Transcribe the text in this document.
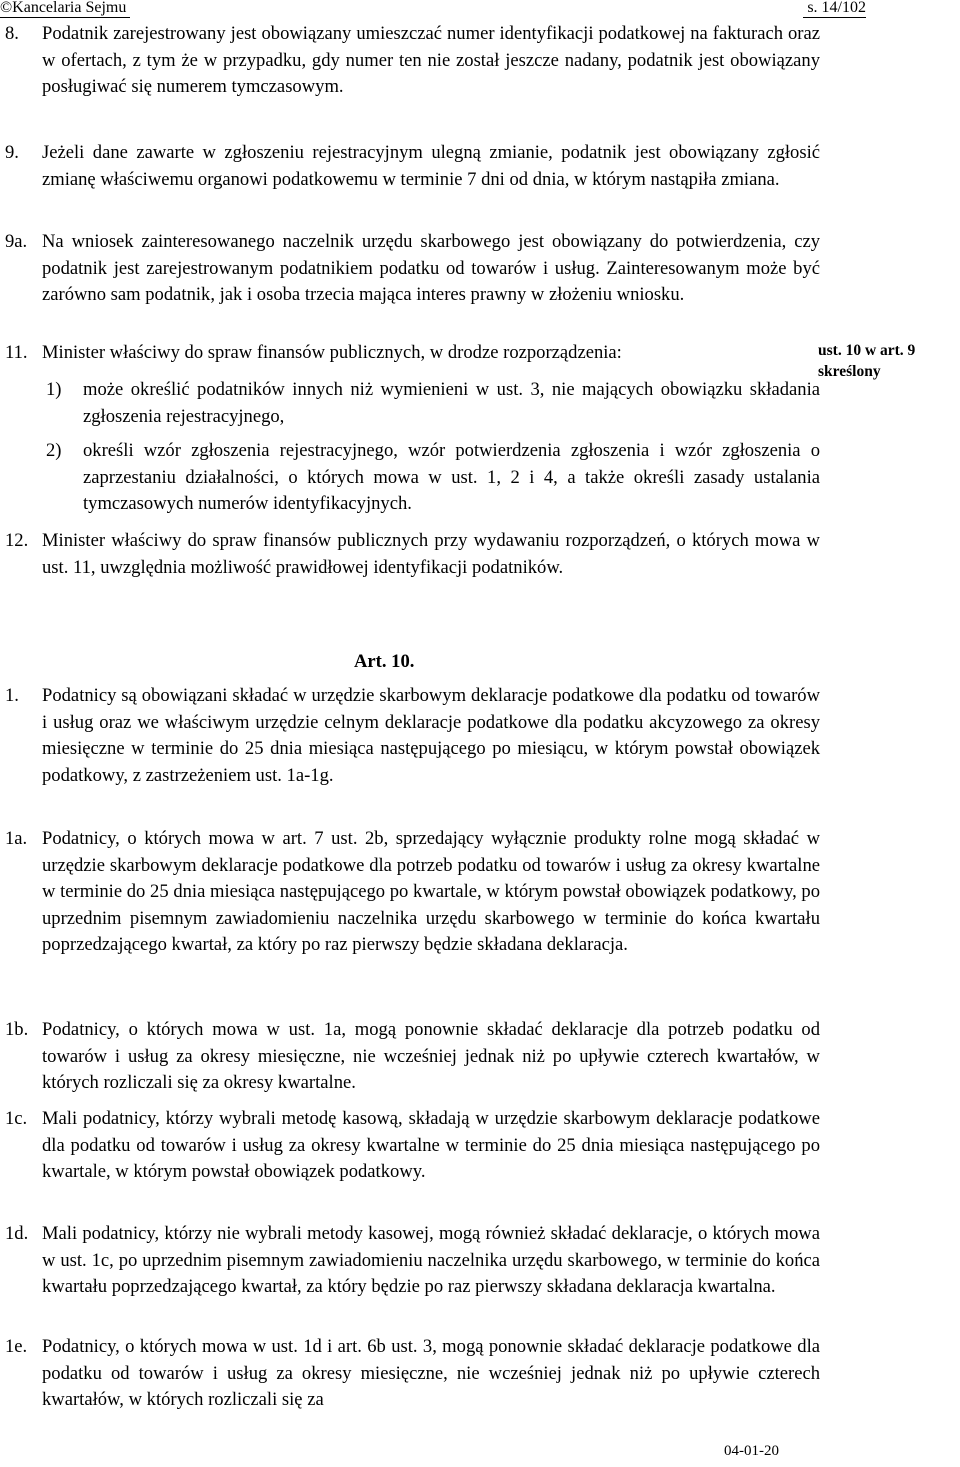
©Kancelaria Sejmu	s. 14/102

8. Podatnik zarejestrowany jest obowiązany umieszczać numer identyfikacji podatkowej na fakturach oraz w ofertach, z tym że w przypadku, gdy numer ten nie został jeszcze nadany, podatnik jest obowiązany posługiwać się numerem tymczasowym.

9. Jeżeli dane zawarte w zgłoszeniu rejestracyjnym ulegną zmianie, podatnik jest obowiązany zgłosić zmianę właściwemu organowi podatkowemu w terminie 7 dni od dnia, w którym nastąpiła zmiana.

9a. Na wniosek zainteresowanego naczelnik urzędu skarbowego jest obowiązany do potwierdzenia, czy podatnik jest zarejestrowanym podatnikiem podatku od towarów i usług. Zainteresowanym może być zarówno sam podatnik, jak i osoba trzecia mająca interes prawny w złożeniu wniosku.

11. Minister właściwy do spraw finansów publicznych, w drodze rozporządzenia:

1) może określić podatników innych niż wymienieni w ust. 3, nie mających obowiązku składania zgłoszenia rejestracyjnego,

2) określi wzór zgłoszenia rejestracyjnego, wzór potwierdzenia zgłoszenia i wzór zgłoszenia o zaprzestaniu działalności, o których mowa w ust. 1, 2 i 4, a także określi zasady ustalania tymczasowych numerów identyfikacyjnych.

12. Minister właściwy do spraw finansów publicznych przy wydawaniu rozporządzeń, o których mowa w ust. 11, uwzględnia możliwość prawidłowej identyfikacji podatników.

ust. 10 w art. 9 skreślony
Art. 10.

1. Podatnicy są obowiązani składać w urzędzie skarbowym deklaracje podatkowe dla podatku od towarów i usług oraz we właściwym urzędzie celnym deklaracje podatkowe dla podatku akcyzowego za okresy miesięczne w terminie do 25 dnia miesiąca następującego po miesiącu, w którym powstał obowiązek podatkowy, z zastrzeżeniem ust. 1a-1g.

1a. Podatnicy, o których mowa w art. 7 ust. 2b, sprzedający wyłącznie produkty rolne mogą składać w urzędzie skarbowym deklaracje podatkowe dla potrzeb podatku od towarów i usług za okresy kwartalne w terminie do 25 dnia miesiąca następującego po kwartale, w którym powstał obowiązek podatkowy, po uprzednim pisemnym zawiadomieniu naczelnika urzędu skarbowego w terminie do końca kwartału poprzedzającego kwartał, za który po raz pierwszy będzie składana deklaracja.

1b. Podatnicy, o których mowa w ust. 1a, mogą ponownie składać deklaracje dla potrzeb podatku od towarów i usług za okresy miesięczne, nie wcześniej jednak niż po upływie czterech kwartałów, w których rozliczali się za okresy kwartalne.

1c. Mali podatnicy, którzy wybrali metodę kasową, składają w urzędzie skarbowym deklaracje podatkowe dla podatku od towarów i usług za okresy kwartalne w terminie do 25 dnia miesiąca następującego po kwartale, w którym powstał obowiązek podatkowy.

1d. Mali podatnicy, którzy nie wybrali metody kasowej, mogą również składać deklaracje, o których mowa w ust. 1c, po uprzednim pisemnym zawiadomieniu naczelnika urzędu skarbowego, w terminie do końca kwartału poprzedzającego kwartał, za który będzie po raz pierwszy składana deklaracja kwartalna.

1e. Podatnicy, o których mowa w ust. 1d i art. 6b ust. 3, mogą ponownie składać deklaracje podatkowe dla podatku od towarów i usług za okresy miesięczne, nie wcześniej jednak niż po upływie czterech kwartałów, w których rozliczali się za

04-01-20
